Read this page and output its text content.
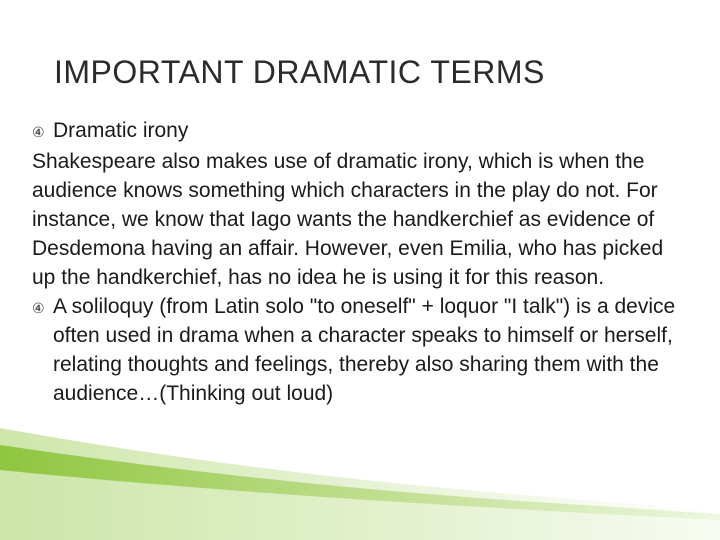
IMPORTANT DRAMATIC TERMS
④ Dramatic irony

Shakespeare also makes use of dramatic irony, which is when the audience knows something which characters in the play do not. For instance, we know that Iago wants the handkerchief as evidence of Desdemona having an affair. However, even Emilia, who has picked up the handkerchief, has no idea he is using it for this reason.

④ A soliloquy (from Latin solo "to oneself" + loquor "I talk") is a device often used in drama when a character speaks to himself or herself, relating thoughts and feelings, thereby also sharing them with the audience…(Thinking out loud)
